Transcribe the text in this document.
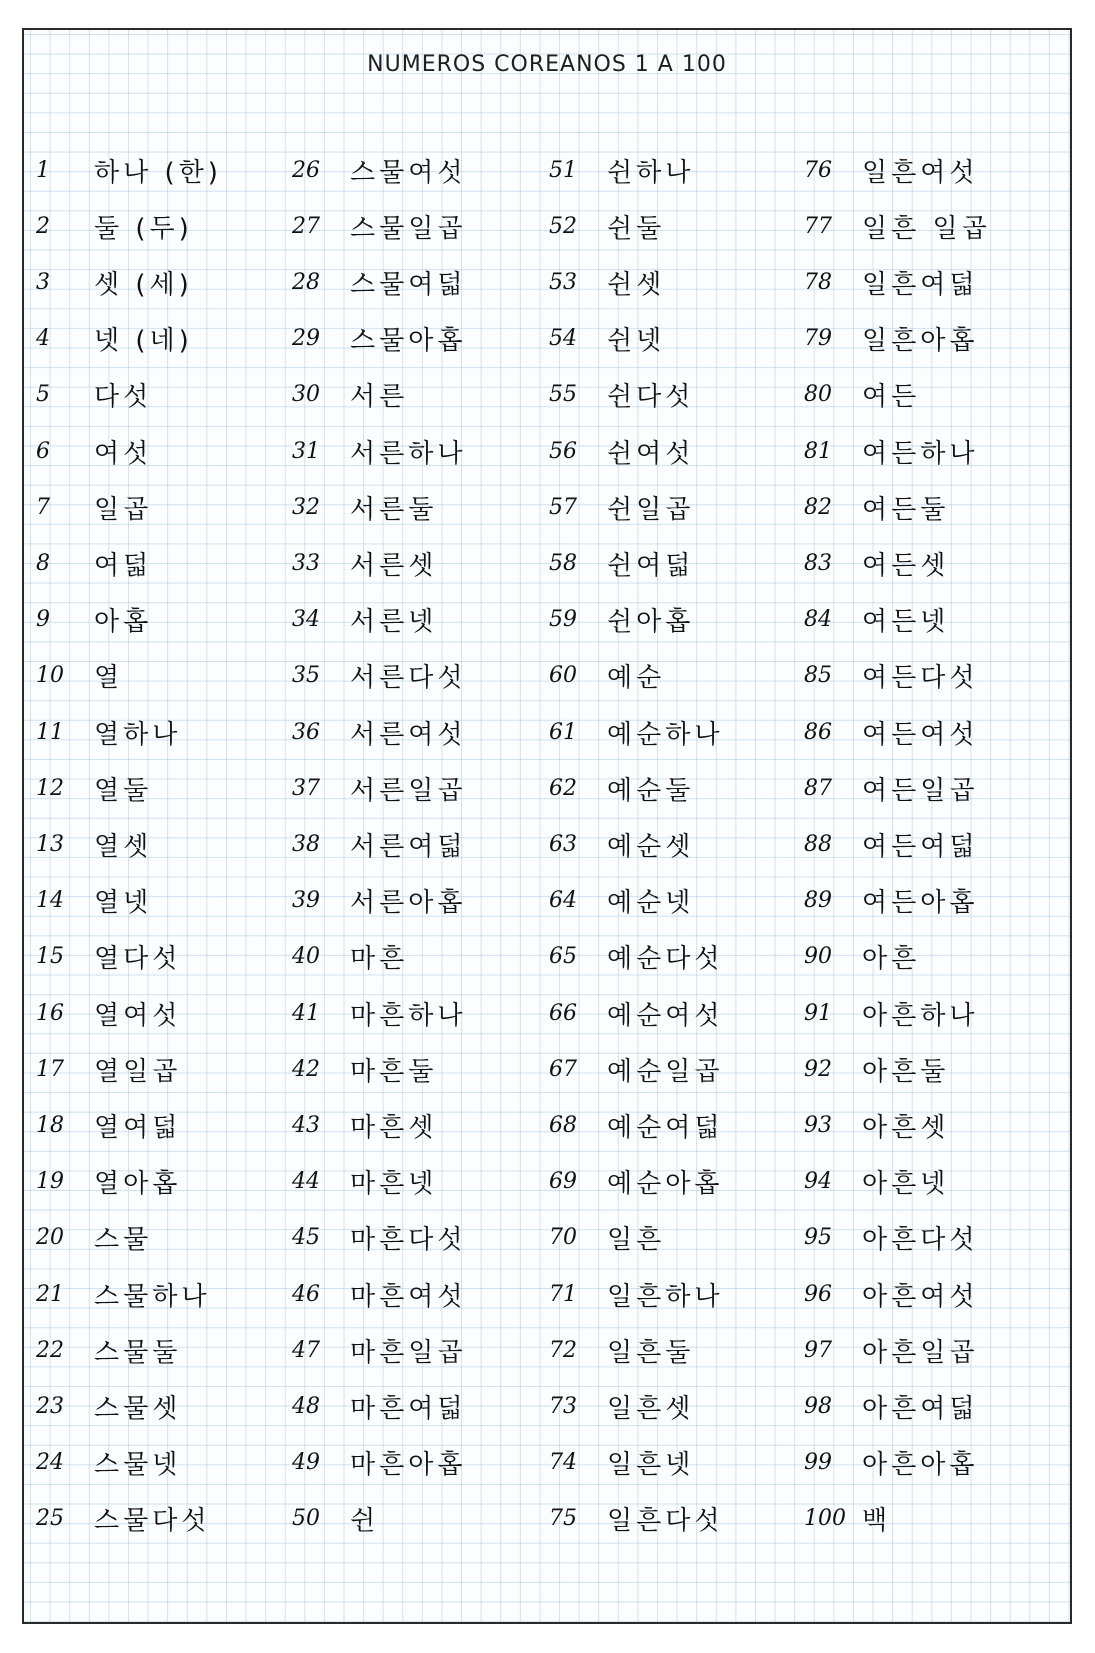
NUMEROS COREANOS 1 A 100
1	하나 (한)
2	둘 (두)
3	셋 (세)
4	넷 (네)
5	다섯
6	여섯
7	일곱
8	여덟
9	아홉
10	열
11	열하나
12	열둘
13	열셋
14	열넷
15	열다섯
16	열여섯
17	열일곱
18	열여덟
19	열아홉
20	스물
21	스물하나
22	스물둘
23	스물셋
24	스물넷
25	스물다섯
26	스물여섯
27	스물일곱
28	스물여덟
29	스물아홉
30	서른
31	서른하나
32	서른둘
33	서른셋
34	서른넷
35	서른다섯
36	서른여섯
37	서른일곱
38	서른여덟
39	서른아홉
40	마흔
41	마흔하나
42	마흔둘
43	마흔셋
44	마흔넷
45	마흔다섯
46	마흔여섯
47	마흔일곱
48	마흔여덟
49	마흔아홉
50	쉰
51	쉰하나
52	쉰둘
53	쉰셋
54	쉰넷
55	쉰다섯
56	쉰여섯
57	쉰일곱
58	쉰여덟
59	쉰아홉
60	예순
61	예순하나
62	예순둘
63	예순셋
64	예순넷
65	예순다섯
66	예순여섯
67	예순일곱
68	예순여덟
69	예순아홉
70	일흔
71	일흔하나
72	일흔둘
73	일흔셋
74	일흔넷
75	일흔다섯
76	일흔여섯
77	일흔 일곱
78	일흔여덟
79	일흔아홉
80	여든
81	여든하나
82	여든둘
83	여든셋
84	여든넷
85	여든다섯
86	여든여섯
87	여든일곱
88	여든여덟
89	여든아홉
90	아흔
91	아흔하나
92	아흔둘
93	아흔셋
94	아흔넷
95	아흔다섯
96	아흔여섯
97	아흔일곱
98	아흔여덟
99	아흔아홉
100 백
